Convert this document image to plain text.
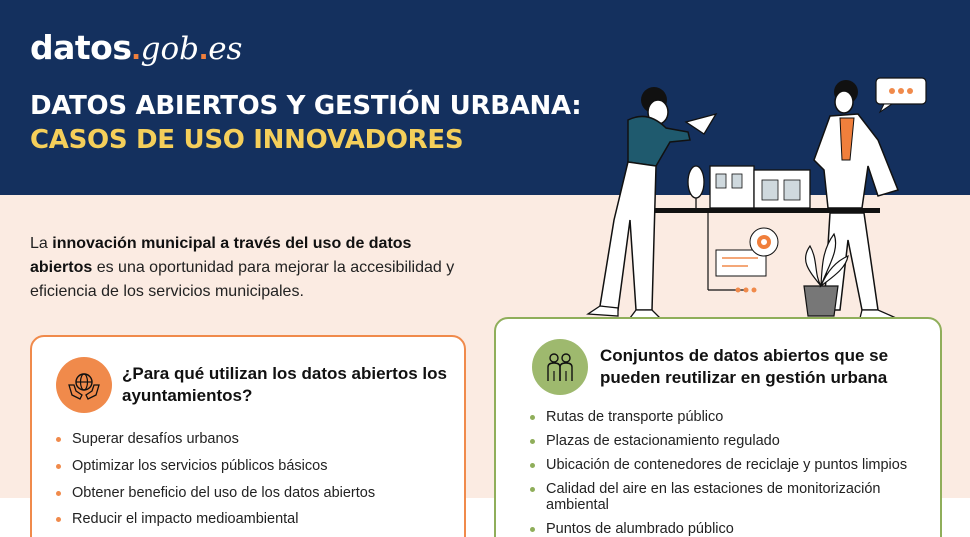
datos.gob.es
DATOS ABIERTOS Y GESTIÓN URBANA:
CASOS DE USO INNOVADORES
La innovación municipal a través del uso de datos abiertos es una oportunidad para mejorar la accesibilidad y eficiencia de los servicios municipales.
¿Para qué utilizan los datos abiertos los ayuntamientos?
Superar desafíos urbanos
Optimizar los servicios públicos básicos
Obtener beneficio del uso de los datos abiertos
Reducir el impacto medioambiental
Conjuntos de datos abiertos que se pueden reutilizar en gestión urbana
Rutas de transporte público
Plazas de estacionamiento regulado
Ubicación de contenedores de reciclaje y puntos limpios
Calidad del aire en las estaciones de monitorización ambiental
Puntos de alumbrado público
